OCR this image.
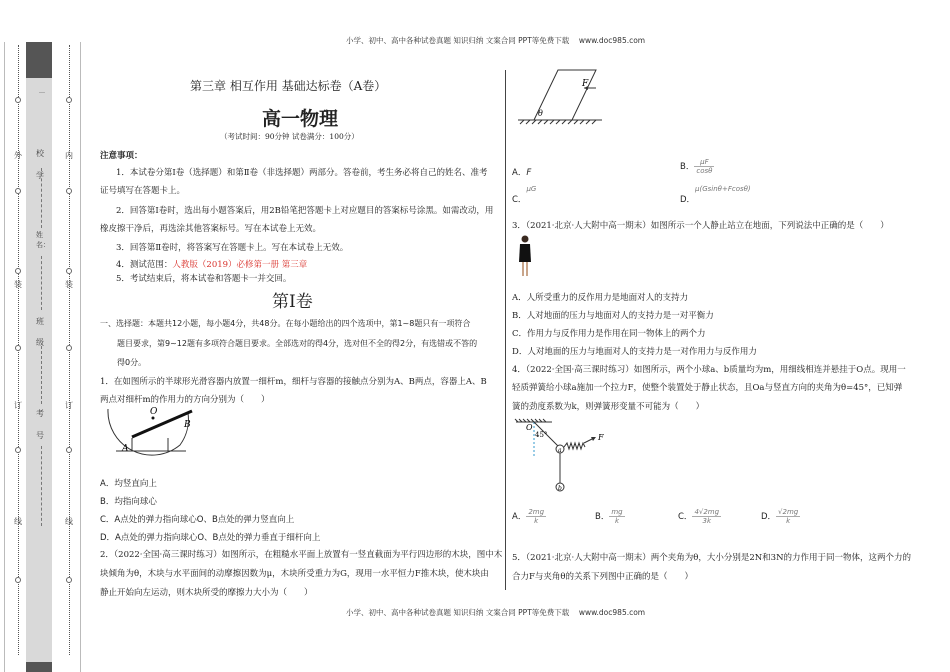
小学、初中、高中各种试卷真题 知识归纳 文案合同 PPT等免费下载 www.doc985.com
小学、初中、高中各种试卷真题 知识归纳 文案合同 PPT等免费下载 www.doc985.com
外
装
订
线
内
装
订
线
…
校
学
姓名：
班
级
考
号
第三章 相互作用 基础达标卷（A卷）
高一物理
（考试时间：90分钟 试卷满分：100分）
注意事项：
1．本试卷分第Ⅰ卷（选择题）和第Ⅱ卷（非选择题）两部分。答卷前，考生务必将自己的姓名、准考
证号填写在答题卡上。
2．回答第Ⅰ卷时，选出每小题答案后，用2B铅笔把答题卡上对应题目的答案标号涂黑。如需改动，用
橡皮擦干净后，再选涂其他答案标号。写在本试卷上无效。
3．回答第Ⅱ卷时，将答案写在答题卡上。写在本试卷上无效。
4．测试范围：人教版（2019）必修第一册 第三章
5．考试结束后，将本试卷和答题卡一并交回。
第Ⅰ卷
一、选择题：本题共12小题，每小题4分，共48分。在每小题给出的四个选项中，第1~8题只有一项符合
题目要求，第9~12题有多项符合题目要求。全部选对的得4分，选对但不全的得2分，有选错或不答的
得0分。
1．在如图所示的半球形光滑容器内放置一细杆m，细杆与容器的接触点分别为A、B两点，容器上A、B
两点对细杆m的作用力的方向分别为（　　）
O
B
A
A．均竖直向上
B．均指向球心
C．A点处的弹力指向球心O、B点处的弹力竖直向上
D．A点处的弹力指向球心O、B点处的弹力垂直于细杆向上
2．（2022·全国·高三课时练习）如图所示，在粗糙水平面上放置有一竖直截面为平行四边形的木块，图中木
块倾角为θ，木块与水平面间的动摩擦因数为μ，木块所受重力为G，现用一水平恒力F推木块，使木块由
静止开始向左运动，则木块所受的摩擦力大小为（　　）
F
θ
A．F
B． $\frac{\mu F}{\cos\theta}$
C．μG
D．μ(Gsinθ+Fcosθ)
3．（2021·北京·人大附中高一期末）如图所示一个人静止站立在地面，下列说法中正确的是（　　）
A．人所受重力的反作用力是地面对人的支持力
B．人对地面的压力与地面对人的支持力是一对平衡力
C．作用力与反作用力是作用在同一物体上的两个力
D．人对地面的压力与地面对人的支持力是一对作用力与反作用力
4．（2022·全国·高三课时练习）如图所示，两个小球a、b质量均为m，用细线相连并悬挂于O点。现用一
轻质弹簧给小球a施加一个拉力F，使整个装置处于静止状态，且Oa与竖直方向的夹角为θ=45°，已知弹
簧的劲度系数为k，则弹簧形变量不可能为（　　）
O
45°
a
b
F
A． $\frac{2mg}{k}$	B． $\frac{mg}{k}$	C． $\frac{4√2mg}{3k}$	D． $\frac{√2mg}{k}$
5．（2021·北京·人大附中高一期末）两个夹角为θ，大小分别是2N和3N的力作用于同一物体，这两个力的
合力F与夹角θ的关系下列图中正确的是（　　）
